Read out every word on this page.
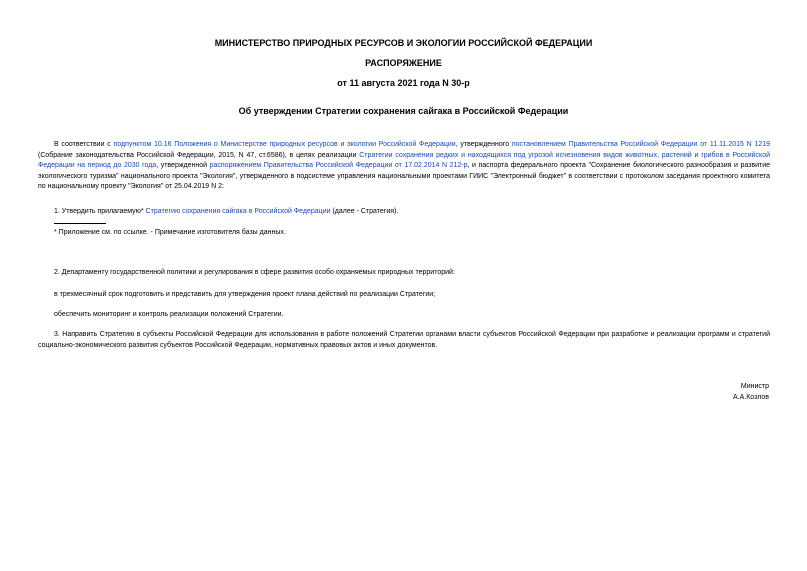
МИНИСТЕРСТВО ПРИРОДНЫХ РЕСУРСОВ И ЭКОЛОГИИ РОССИЙСКОЙ ФЕДЕРАЦИИ
РАСПОРЯЖЕНИЕ
от 11 августа 2021 года N 30-р
Об утверждении Стратегии сохранения сайгака в Российской Федерации
В соответствии с подпунктом 10.16 Положения о Министерстве природных ресурсов и экологии Российской Федерации, утвержденного постановлением Правительства Российской Федерации от 11.11.2015 N 1219 (Собрание законодательства Российской Федерации, 2015, N 47, ст.6586), в целях реализации Стратегии сохранения редких и находящихся под угрозой исчезновения видов животных, растений и грибов в Российской Федерации на период до 2030 года, утвержденной распоряжением Правительства Российской Федерации от 17.02.2014 N 212-р, и паспорта федерального проекта "Сохранение биологического разнообразия и развитие экологического туризма" национального проекта "Экология", утвержденного в подсистеме управления национальными проектами ГИИС "Электронный бюджет" в соответствии с протоколом заседания проектного комитета по национальному проекту "Экология" от 25.04.2019 N 2:
1. Утвердить прилагаемую* Стратегию сохранения сайгака в Российской Федерации (далее - Стратегия).
* Приложение см. по ссылке. - Примечание изготовителя базы данных.
2. Департаменту государственной политики и регулирования в сфере развития особо охраняемых природных территорий:
в трехмесячный срок подготовить и представить для утверждения проект плана действий по реализации Стратегии;
обеспечить мониторинг и контроль реализации положений Стратегии.
3. Направить Стратегию в субъекты Российской Федерации для использования в работе положений Стратегии органами власти субъектов Российской Федерации при разработке и реализации программ и стратегий социально-экономического развития субъектов Российской Федерации, нормативных правовых актов и иных документов.
Министр
А.А.Козлов
